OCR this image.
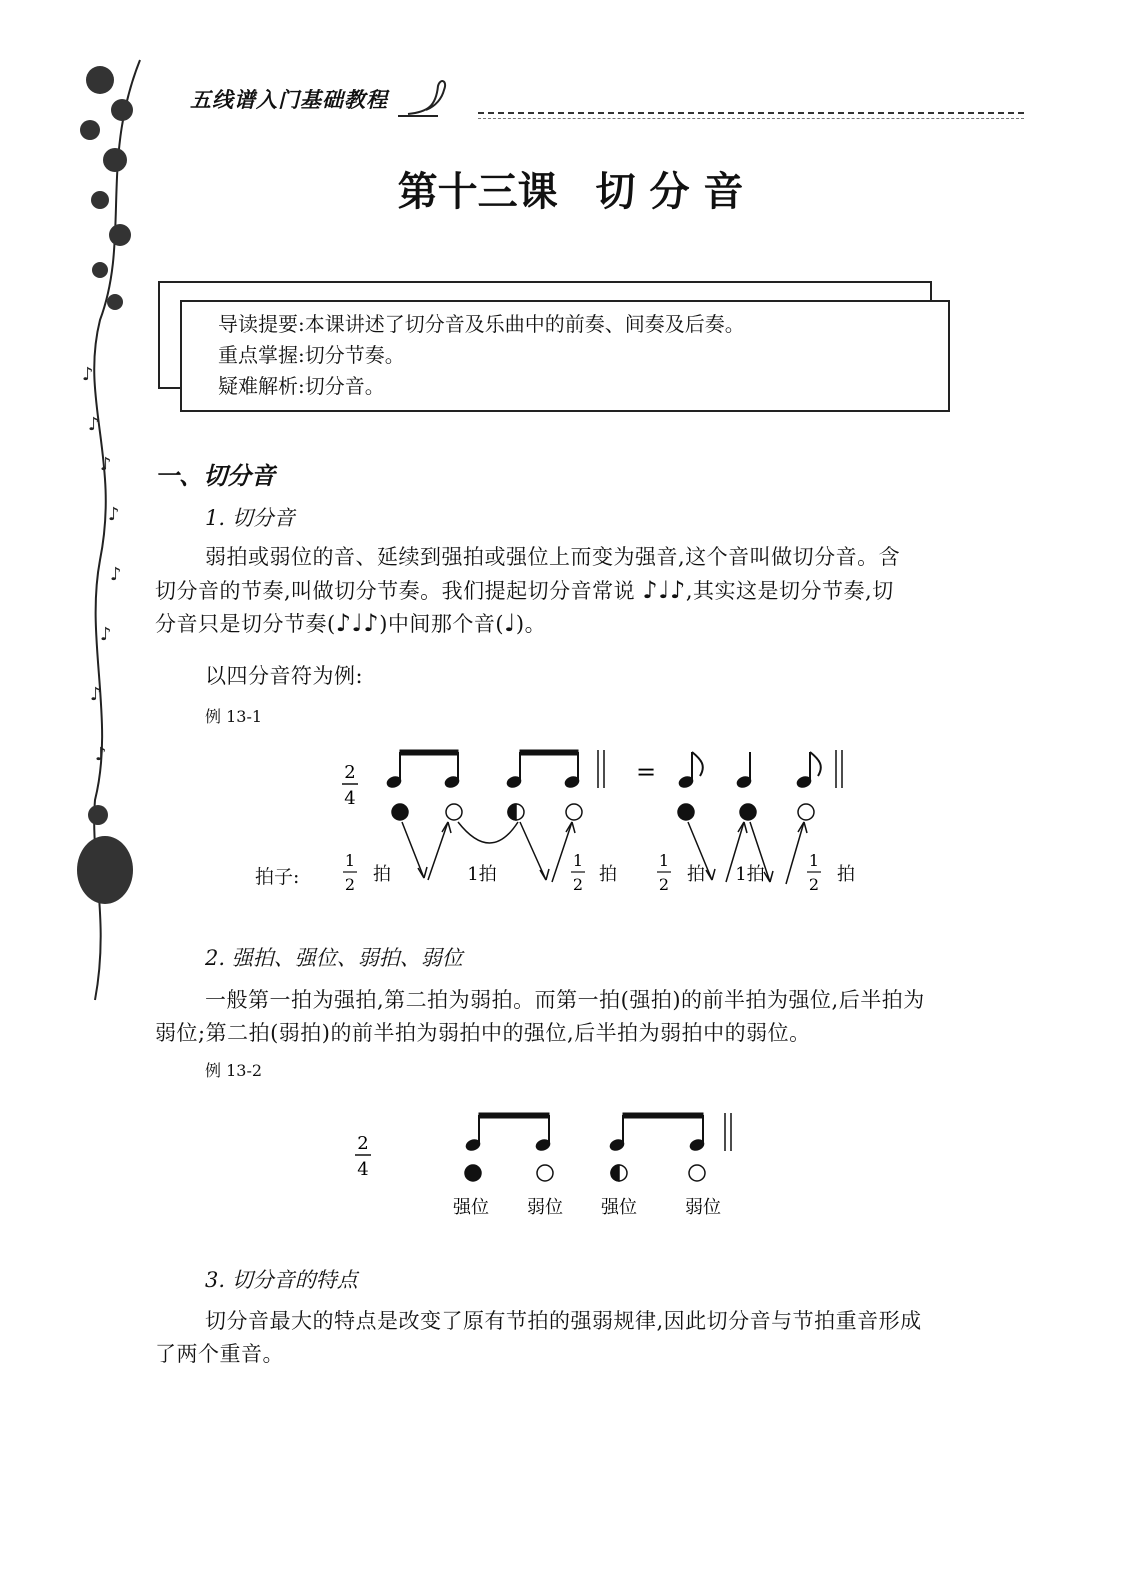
♪
♪
♪
♪
♪
♪
♪
♪
五线谱入门基础教程
第十三课 切 分 音
导读提要:本课讲述了切分音及乐曲中的前奏、间奏及后奏。
重点掌握:切分节奏。
疑难解析:切分音。
一、切分音
1. 切分音
弱拍或弱位的音、延续到强拍或强位上而变为强音,这个音叫做切分音。含
切分音的节奏,叫做切分节奏。我们提起切分音常说 ♪♩♪,其实这是切分节奏,切
分音只是切分节奏(♪♩♪)中间那个音(♩)。
以四分音符为例:
例 13-1
2
4
=
拍子:
1
2 拍	1拍
1
2 拍
1
2 拍 1拍
1
2 拍
2. 强拍、强位、弱拍、弱位
一般第一拍为强拍,第二拍为弱拍。而第一拍(强拍)的前半拍为强位,后半拍为
弱位;第二拍(弱拍)的前半拍为弱拍中的强位,后半拍为弱拍中的弱位。
例 13-2
2
4
强位 弱位 强位	弱位
3. 切分音的特点
切分音最大的特点是改变了原有节拍的强弱规律,因此切分音与节拍重音形成
了两个重音。
